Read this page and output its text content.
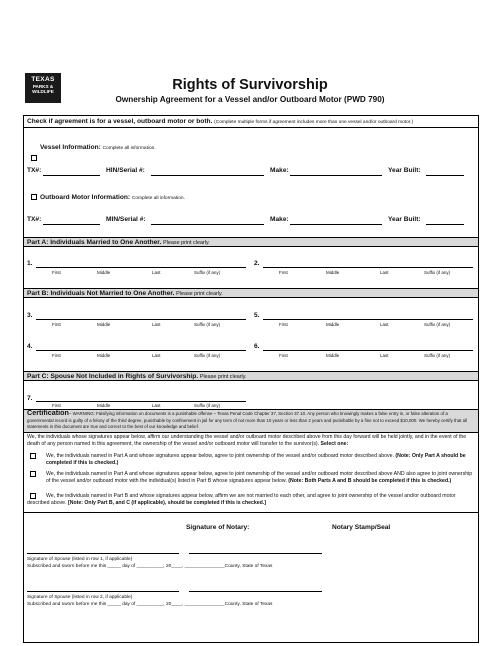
TEXAS
PARKS &
WILDLIFE	Rights of Survivorship
Ownership Agreement for a Vessel and/or Outboard Motor (PWD 790)
Check if agreement is for a vessel, outboard motor or both. (Complete multiple forms if agreement includes more than one vessel and/or outboard motor.)
Vessel Information: Complete all information.
TX#:	HIN/Serial #:	Make:	Year Built:
Outboard Motor Information: Complete all information.
TX#:	MIN/Serial #:	Make:	Year Built:
Part A: Individuals Married to One Another. Please print clearly.
1.
First	Middle	Last	Suffix (if any)
2.
First	Middle	Last	Suffix (if any)
Part B: Individuals Not Married to One Another. Please print clearly.
3.
First	Middle	Last	Suffix (if any)
5.
First	Middle	Last	Suffix (if any)
4.
First	Middle	Last	Suffix (if any)
6.
First	Middle	Last	Suffix (if any)
Part C: Spouse Not Included in Rights of Survivorship. Please print clearly.
7.
First	Middle	Last	Suffix (if any)
Certification– WARNING: Falsifying information on documents is a punishable offense – Texas Penal Code Chapter 37, Section 37.10. Any person who knowingly makes a false entry in, or false alteration of a governmental record is guilty of a felony of the third degree, punishable by confinement in jail for any term of not more than 10 years or less than 2 years and punishable by a fine not to exceed $10,000. We hereby certify that all statements in this document are true and correct to the best of our knowledge and belief.
We, the individuals whose signatures appear below, affirm our understanding the vessel and/or outboard motor described above from this day forward will be held jointly, and in the event of the death of any person named in this agreement, the ownership of the vessel and/or outboard motor will transfer to the survivor(s). Select one:
We, the individuals named in Part A and whose signatures appear below, agree to joint ownership of the vessel and/or outboard motor described above. (Note: Only Part A should be completed if this is checked.)
We, the individuals named in Part A and whose signatures appear below, agree to joint ownership of the vessel and/or outboard motor described above AND also agree to joint ownership of the vessel and/or outboard motor with the individual(s) listed in Part B whose signatures appear below. (Note: Both Parts A and B should be completed if this is checked.)
We, the individuals named in Part B and whose signatures appear below, affirm we are not married to each other, and agree to joint ownership of the vessel and/or outboard motor described above. [Note: Only Part B, and C (if applicable), should be completed if this is checked.]
Signature of Notary:	Notary Stamp/Seal
Signature of Spouse (listed in row 1, if applicable)
Subscribed and sworn before me this _____ day of __________, 20____, _______________County, State of Texas
Signature of Spouse (listed in row 2, if applicable)
Subscribed and sworn before me this _____ day of __________, 20____, _______________County, State of Texas
